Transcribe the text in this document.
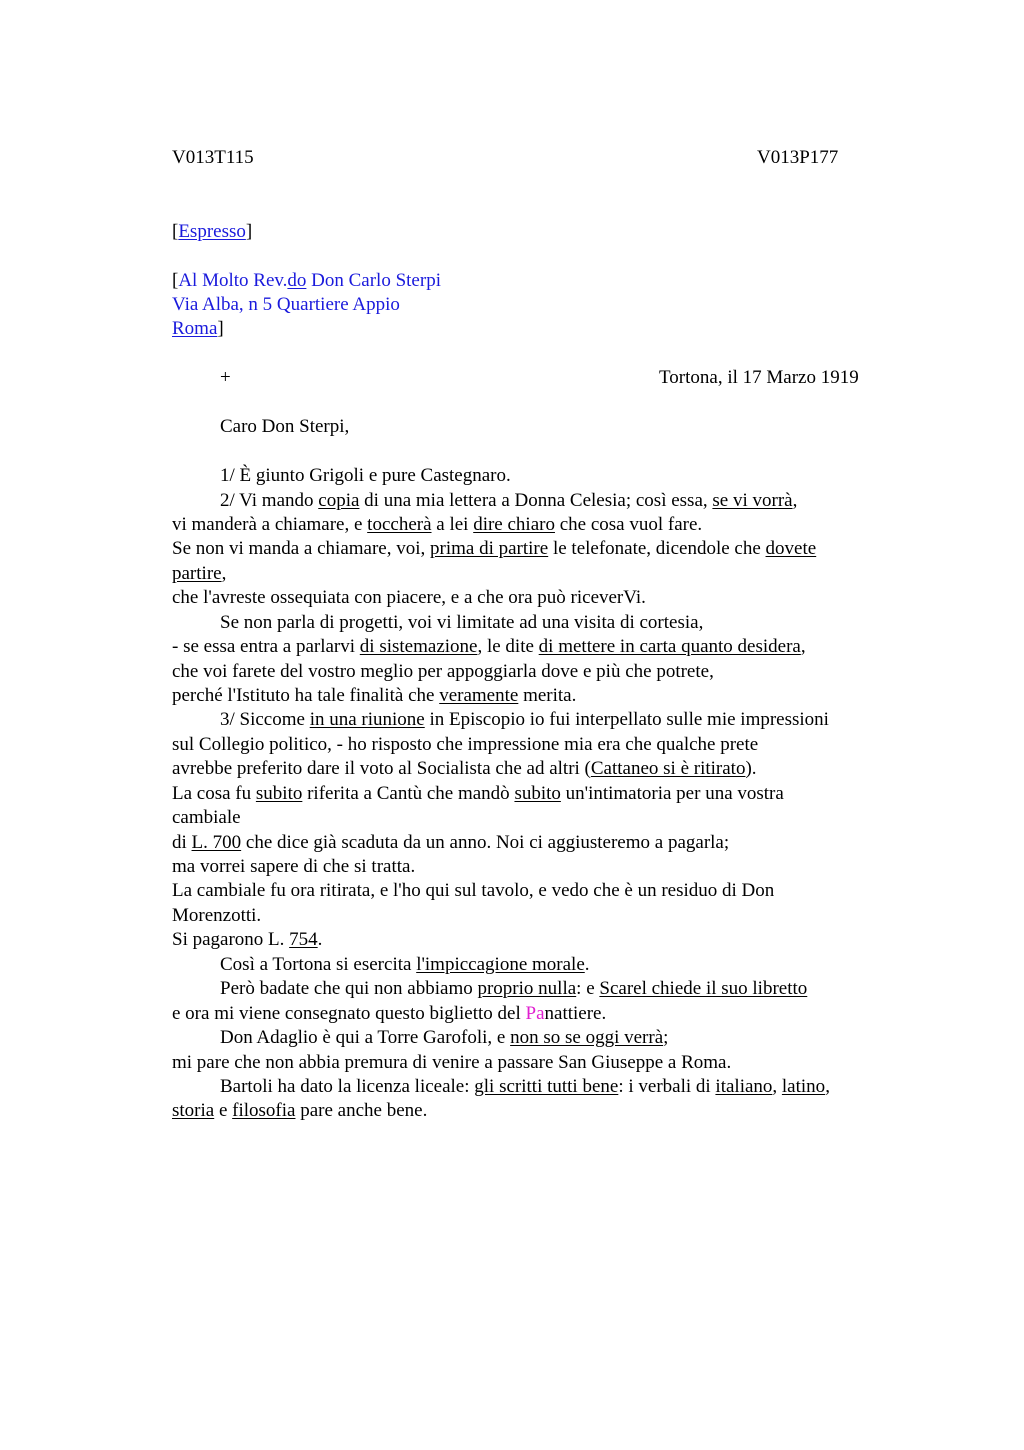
V013T115	V013P177
[Espresso]
[Al Molto Rev.do Don Carlo Sterpi
Via Alba, n 5 Quartiere Appio
Roma]
+	Tortona, il 17 Marzo 1919
Caro Don Sterpi,
1/ È giunto Grigoli e pure Castegnaro.
2/ Vi mando copia di una mia lettera a Donna Celesia; così essa, se vi vorrà,
vi manderà a chiamare, e toccherà a lei dire chiaro che cosa vuol fare.
Se non vi manda a chiamare, voi, prima di partire le telefonate, dicendole che dovete
partire,
che l'avreste ossequiata con piacere, e a che ora può riceverVi.
Se non parla di progetti, voi vi limitate ad una visita di cortesia,
- se essa entra a parlarvi di sistemazione, le dite di mettere in carta quanto desidera,
che voi farete del vostro meglio per appoggiarla dove e più che potrete,
perché l'Istituto ha tale finalità che veramente merita.
3/ Siccome in una riunione in Episcopio io fui interpellato sulle mie impressioni
sul Collegio politico, - ho risposto che impressione mia era che qualche prete
avrebbe preferito dare il voto al Socialista che ad altri (Cattaneo si è ritirato).
La cosa fu subito riferita a Cantù che mandò subito un'intimatoria per una vostra
cambiale
di L. 700 che dice già scaduta da un anno. Noi ci aggiusteremo a pagarla;
ma vorrei sapere di che si tratta.
La cambiale fu ora ritirata, e l'ho qui sul tavolo, e vedo che è un residuo di Don
Morenzotti.
Si pagarono L. 754.
Così a Tortona si esercita l'impiccagione morale.
Però badate che qui non abbiamo proprio nulla: e Scarel chiede il suo libretto
e ora mi viene consegnato questo biglietto del Panattiere.
Don Adaglio è qui a Torre Garofoli, e non so se oggi verrà;
mi pare che non abbia premura di venire a passare San Giuseppe a Roma.
Bartoli ha dato la licenza liceale: gli scritti tutti bene: i verbali di italiano, latino,
storia e filosofia pare anche bene.
